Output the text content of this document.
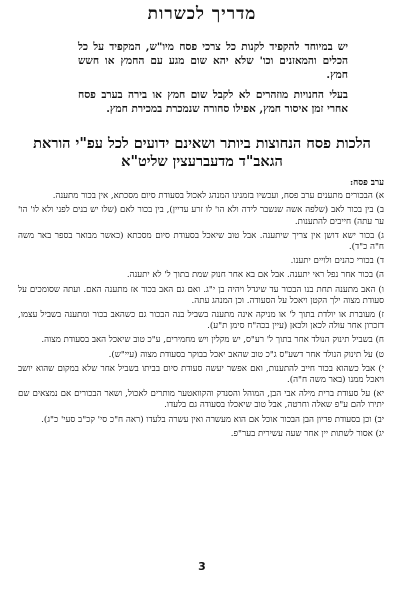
מדריך לכשרות

יש במיוחד להקפיד לקנות כל צרכי פסח מיו"ש, המקפיד על כל הכלים והמאזנים וכו' שלא יהא שום מגע עם החמץ או חשש חמץ.

בעלי החנויות מוזהרים לא לקבל שום חמץ או בירה בערב פסח אחרי זמן איסור חמץ, אפילו סחורה שנמכרת במכירת חמץ.

הלכות פסח הנחוצות ביותר ושאינם ידועים לכל עפ"י הוראת הגאב"ד מדעברעצין שליט"א
ערב פסח:
א) הבכורים מתענים ערב פסח, ועכשיו בזמנינו המנהג לאכול בסעודת סיום מסכתא, אין בכור מתענה.
ב) בין בכור לאב (שלפה אשה שנשבר לידה ולא הו' לו זרע עדיין), בין בכור לאם (שלו יש בנים לפני ולא לו' הו' ער עתה) חייבים להתענות.
ג) בכור ישא דושן אין צריך שיתענה. אבל טוב שיאכל בסעודת סיום מסכתא (כאשר מבואר בספר באר משה ח"ה כ"ד).
ד) בכורי כהנים ולויים יתענו.
ה) בכור אחר נפל ראי יתענה. אבל אם בא אחר חנוק שמת בתוך ל' לא יתענה.
ו) האב מתענה תחת בנו הבכור עד שיגדל ויהיה בן י"ג. ואם גם האב בכור אז מתענה האם. ועתה שסומכים על סעודת מצוה ילך הקטן ויאכל על הסעודה. וכן המנהג עתה.
ז) מעוברת או יולדת בתוך ל' או מניקה אינה מתענה בשביל בנה הבכור גם כשהאב בכור ומתענה בשביל עצמו, דזכרון אחר עולה לכאן ולכאן (עיין בכה"ח סימן ת"ע).
ח) בשביל תינוק הנולד אחר בתוך ל' רע"ס, יש מקלין ויש מחמירים, ע"כ טוב שיאכל האב בסעודת מצוה.
ט) על תינוק הנולד אחר דשע"ס ג"כ טוב שהאב יאכל בבוקר בסעודת מצוה (עיי"ש).
י) אבל כשהוא בכור חייב להתענות, ואם אפשר יעשה סעודת סיום בביתו בשביל אחר שלא במקום שהוא יושב ויאכל ממנו (באר משה ח"ה).
יא) על סעודת ברית מילה אבי הבן, המוהל והסנדק והקוואטער מותרים לאכול, ושאר הבכורים אם נמצאים שם יתירו להם ע"פ שאלה וחרטה, אבל טוב שיאכלו בסעודה גם בלעדו.
יב) וכן בסעודת פדיון הבן הבכור אוכל אם הוא מעשרה ואין עשרה בלעדו (ראה ח"כ סי' קכ"ב סעי' כ"ג).
יג) אסור לשתות יין אחר שעה עשירית בער"פ.
3
